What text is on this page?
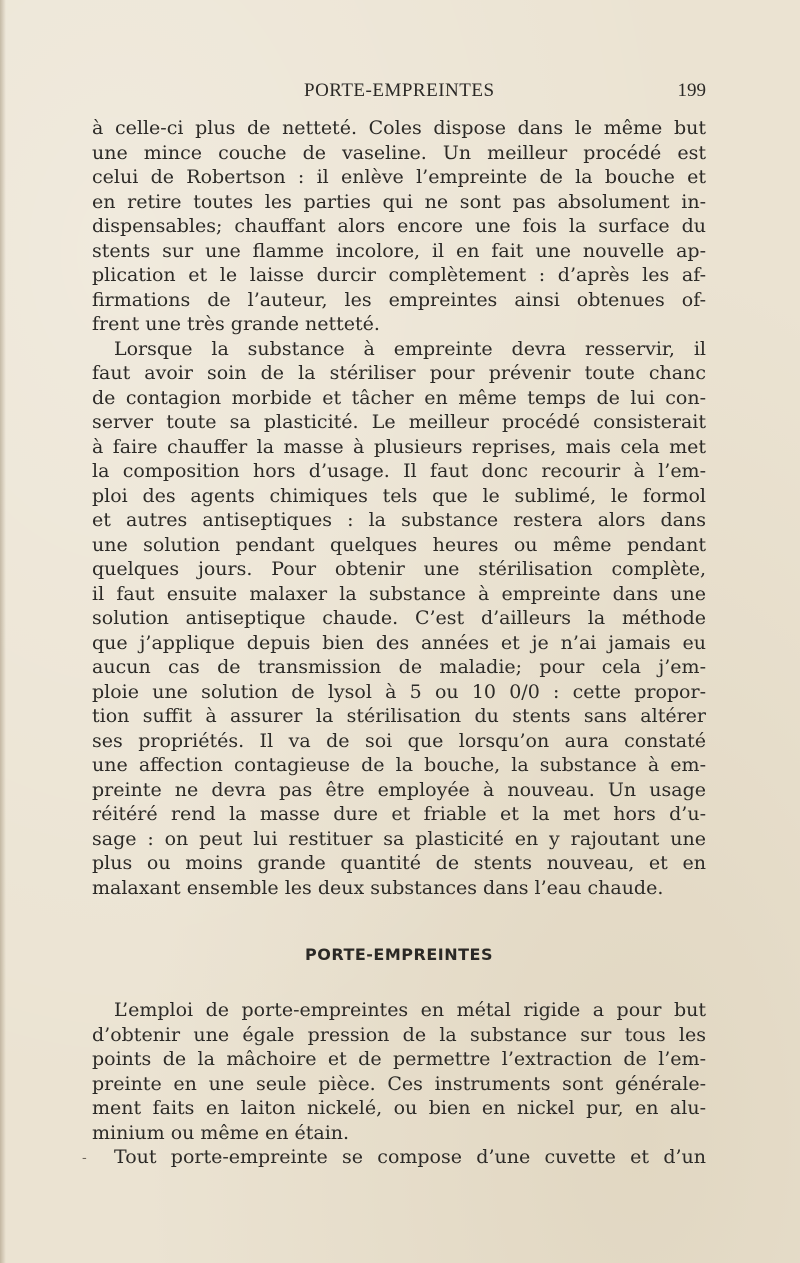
PORTE-EMPREINTES	199
à celle-ci plus de netteté. Coles dispose dans le même but
une mince couche de vaseline. Un meilleur procédé est
celui de Robertson : il enlève l’empreinte de la bouche et
en retire toutes les parties qui ne sont pas absolument in-
dispensables; chauffant alors encore une fois la surface du
stents sur une flamme incolore, il en fait une nouvelle ap-
plication et le laisse durcir complètement : d’après les af-
firmations de l’auteur, les empreintes ainsi obtenues of-
frent une très grande netteté.
Lorsque la substance à empreinte devra resservir, il
faut avoir soin de la stériliser pour prévenir toute chanc
de contagion morbide et tâcher en même temps de lui con-
server toute sa plasticité. Le meilleur procédé consisterait
à faire chauffer la masse à plusieurs reprises, mais cela met
la composition hors d’usage. Il faut donc recourir à l’em-
ploi des agents chimiques tels que le sublimé, le formol
et autres antiseptiques : la substance restera alors dans
une solution pendant quelques heures ou même pendant
quelques jours. Pour obtenir une stérilisation complète,
il faut ensuite malaxer la substance à empreinte dans une
solution antiseptique chaude. C’est d’ailleurs la méthode
que j’applique depuis bien des années et je n’ai jamais eu
aucun cas de transmission de maladie; pour cela j’em-
ploie une solution de lysol à 5 ou 10 0/0 : cette propor-
tion suffit à assurer la stérilisation du stents sans altérer
ses propriétés. Il va de soi que lorsqu’on aura constaté
une affection contagieuse de la bouche, la substance à em-
preinte ne devra pas être employée à nouveau. Un usage
réitéré rend la masse dure et friable et la met hors d’u-
sage : on peut lui restituer sa plasticité en y rajoutant une
plus ou moins grande quantité de stents nouveau, et en
malaxant ensemble les deux substances dans l’eau chaude.
PORTE-EMPREINTES
L’emploi de porte-empreintes en métal rigide a pour but
d’obtenir une égale pression de la substance sur tous les
points de la mâchoire et de permettre l’extraction de l’em-
preinte en une seule pièce. Ces instruments sont générale-
ment faits en laiton nickelé, ou bien en nickel pur, en alu-
minium ou même en étain.
Tout porte-empreinte se compose d’une cuvette et d’un
-
